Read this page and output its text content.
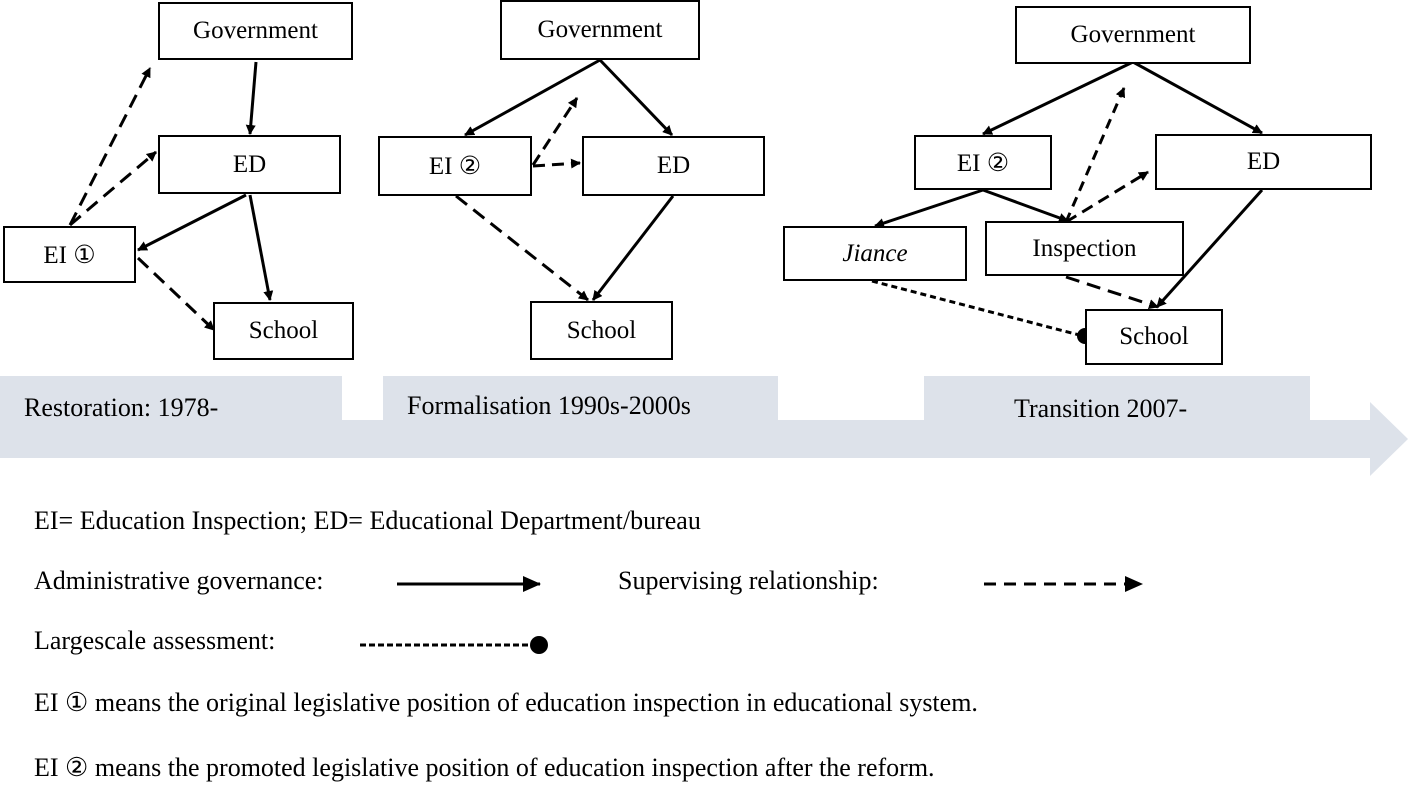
Government
ED
EI ①
School
Government
EI ②	ED
School
Government
EI ②	ED
Jiance	Inspection
School
Restoration: 1978-	Formalisation 1990s-2000s	Transition 2007-
EI= Education Inspection; ED= Educational Department/bureau
Administrative governance:	Supervising relationship:
Largescale assessment:
EI ① means the original legislative position of education inspection in educational system.
EI ② means the promoted legislative position of education inspection after the reform.
